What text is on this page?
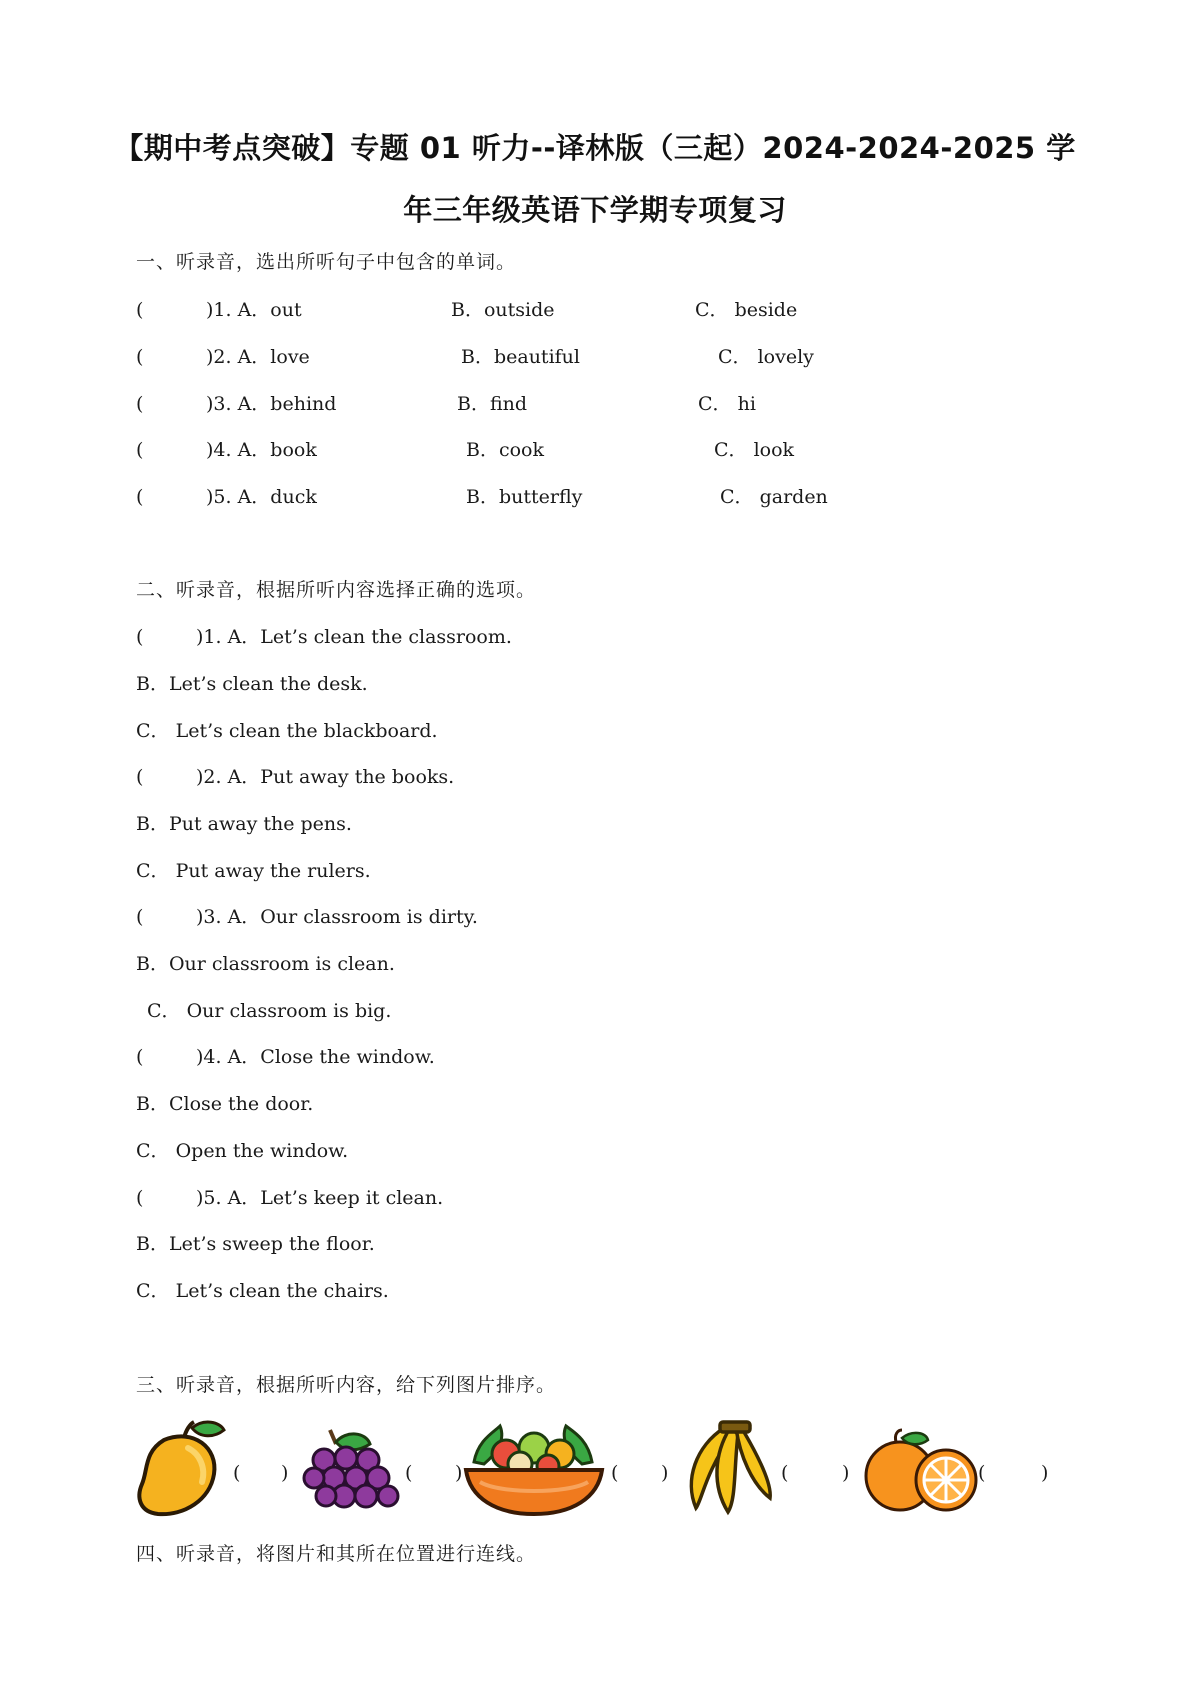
【期中考点突破】专题 01 听力--译林版（三起）2024-2024-2025 学
年三年级英语下学期专项复习
一、听录音，选出所听句子中包含的单词。
(	)1. A．out	B．outside	C． beside
(	)2. A．love	B．beautiful	C． lovely
(	)3. A．behind	B．find	C． hi
(	)4. A．book	B．cook	C． look
(	)5. A．duck	B．butterfly	C． garden
二、听录音，根据所听内容选择正确的选项。
(	)1. A．Let’s clean the classroom.
B．Let’s clean the desk.
C． Let’s clean the blackboard.
(	)2. A．Put away the books.
B．Put away the pens.
C． Put away the rulers.
(	)3. A．Our classroom is dirty.
B．Our classroom is clean.
C． Our classroom is big.
(	)4. A．Close the window.
B．Close the door.
C． Open the window.
(	)5. A．Let’s keep it clean.
B．Let’s sweep the floor.
C． Let’s clean the chairs.
三、听录音，根据所听内容，给下列图片排序。
( )	( )	( )	(	)	(	)
四、听录音，将图片和其所在位置进行连线。
